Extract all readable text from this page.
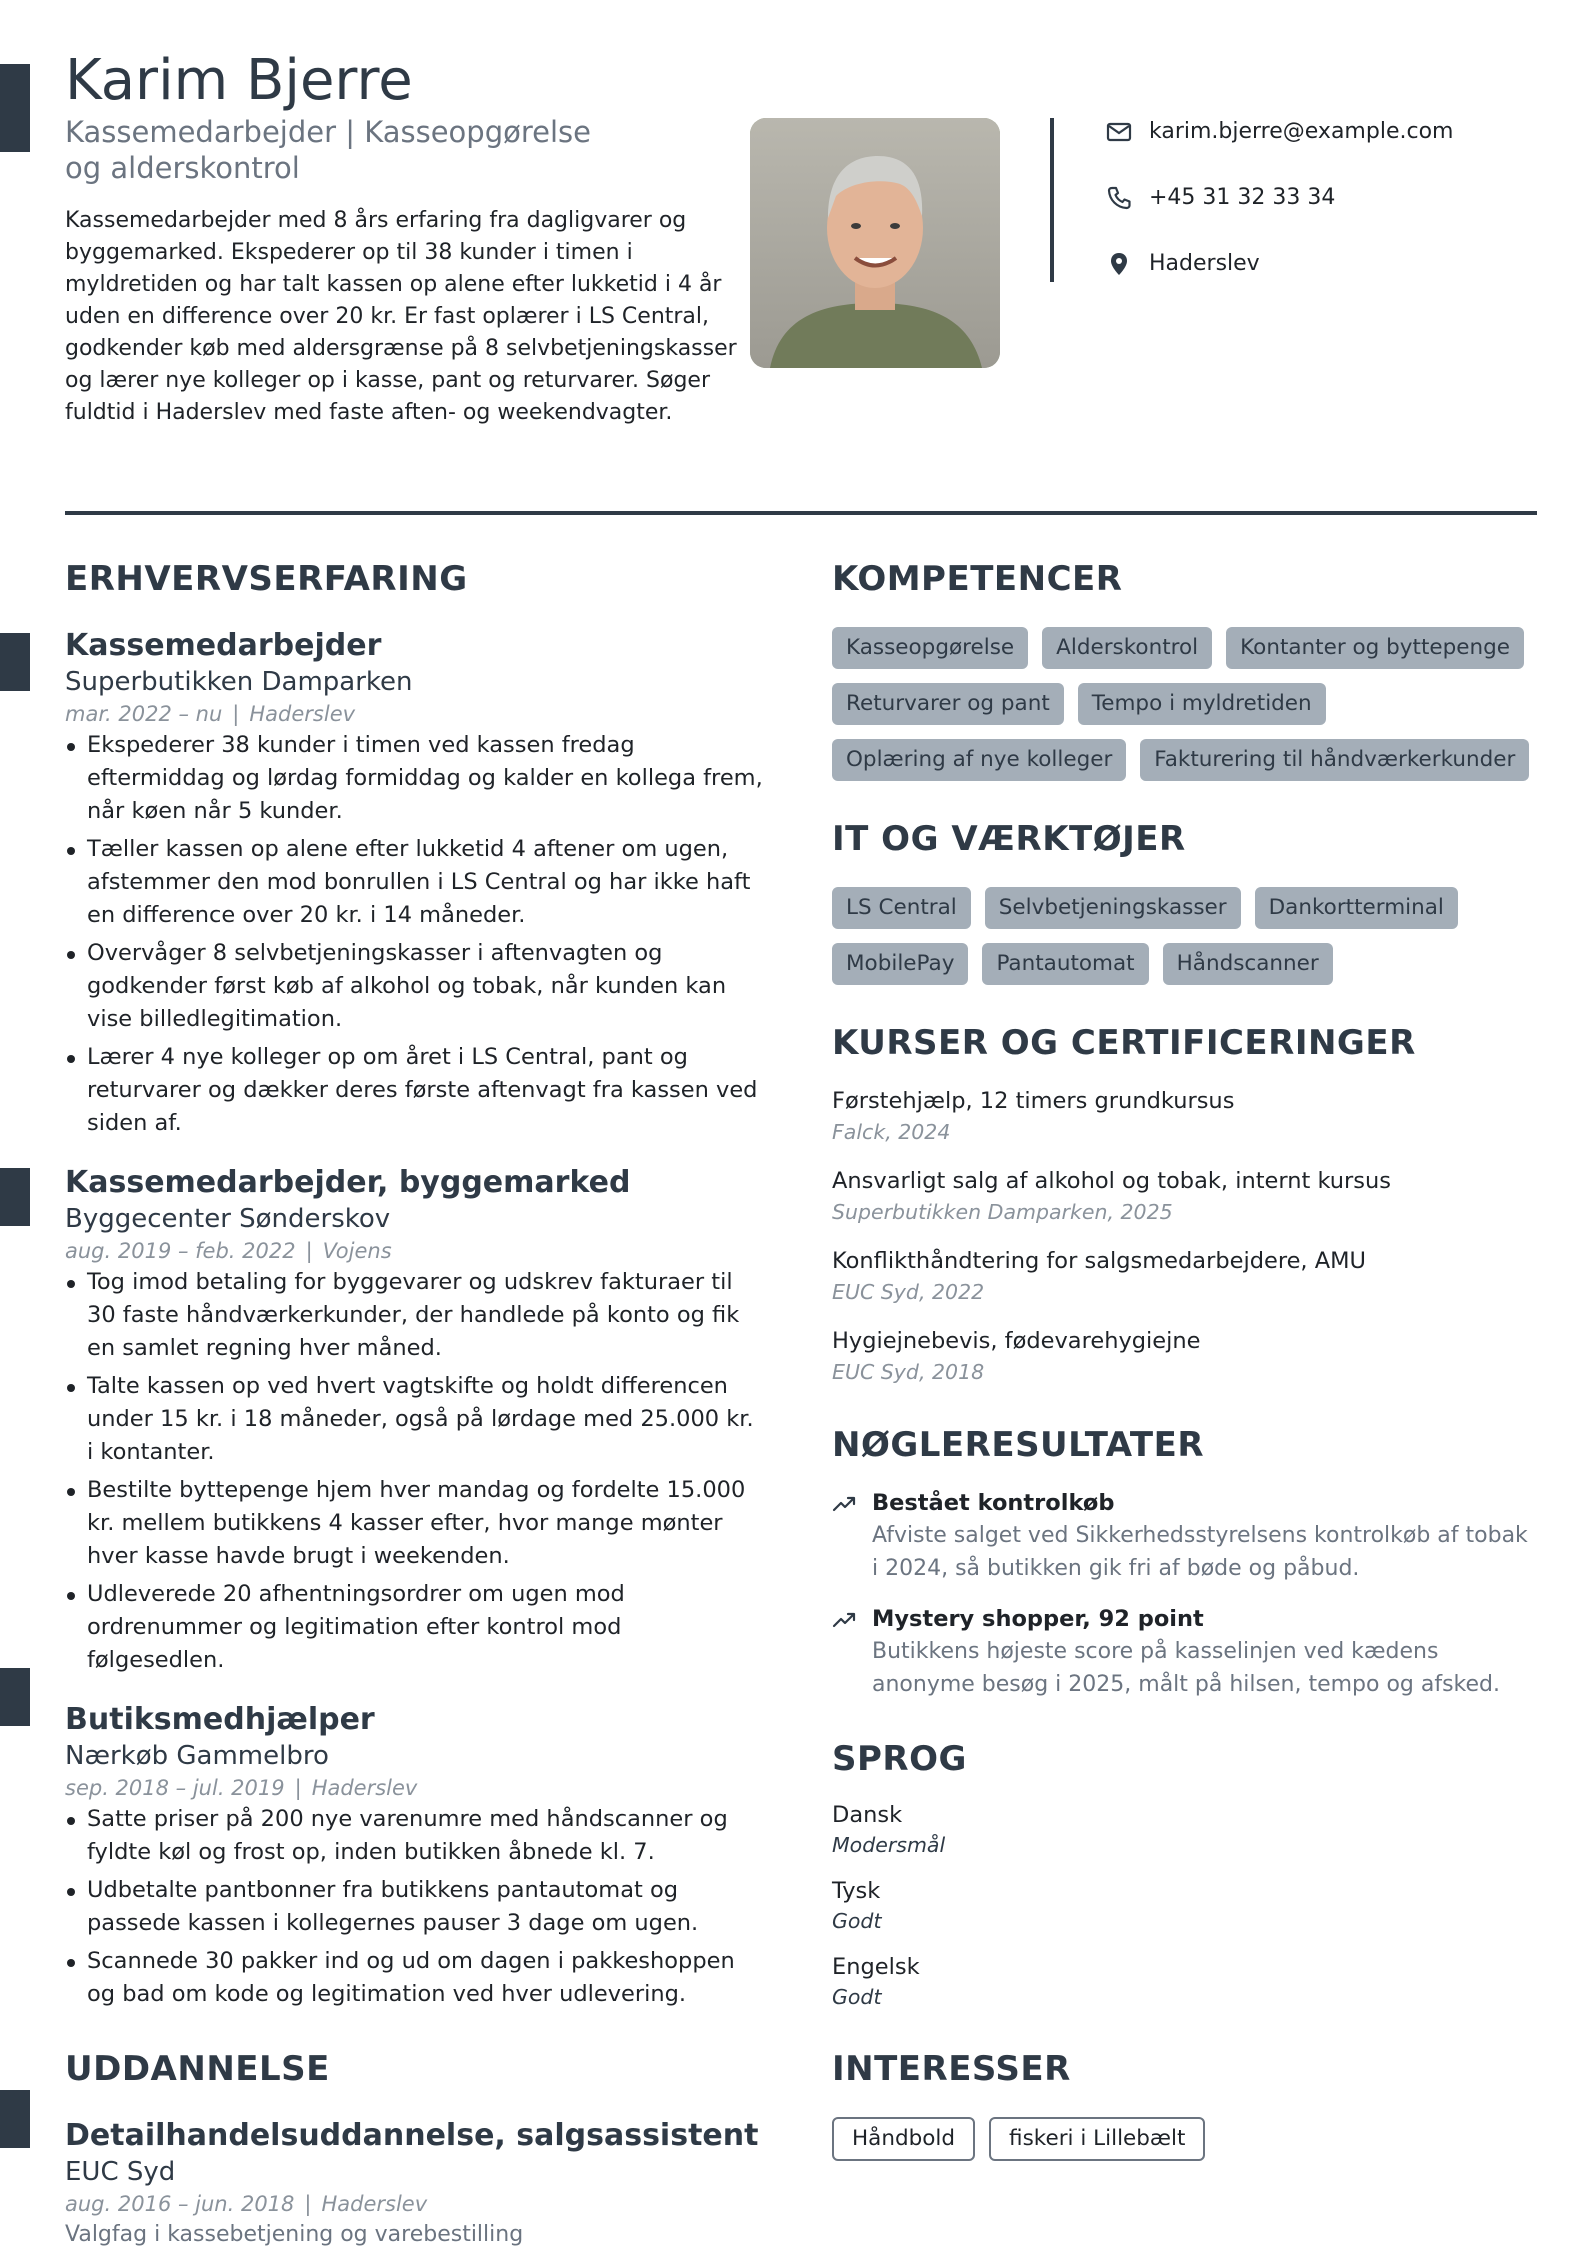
Karim Bjerre
Kassemedarbejder | Kasseopgørelse og alderskontrol
Kassemedarbejder med 8 års erfaring fra dagligvarer og byggemarked. Ekspederer op til 38 kunder i timen i myldretiden og har talt kassen op alene efter lukketid i 4 år uden en difference over 20 kr. Er fast oplærer i LS Central, godkender køb med aldersgrænse på 8 selvbetjeningskasser og lærer nye kolleger op i kasse, pant og returvarer. Søger fuldtid i Haderslev med faste aften- og weekendvagter.
karim.bjerre@example.com
+45 31 32 33 34
Haderslev
ERHVERVSERFARING
Kassemedarbejder
Superbutikken Damparken
mar. 2022 – nu | Haderslev
Ekspederer 38 kunder i timen ved kassen fredag eftermiddag og lørdag formiddag og kalder en kollega frem, når køen når 5 kunder.
Tæller kassen op alene efter lukketid 4 aftener om ugen, afstemmer den mod bonrullen i LS Central og har ikke haft en difference over 20 kr. i 14 måneder.
Overvåger 8 selvbetjeningskasser i aftenvagten og godkender først køb af alkohol og tobak, når kunden kan vise billedlegitimation.
Lærer 4 nye kolleger op om året i LS Central, pant og returvarer og dækker deres første aftenvagt fra kassen ved siden af.
Kassemedarbejder, byggemarked
Byggecenter Sønderskov
aug. 2019 – feb. 2022 | Vojens
Tog imod betaling for byggevarer og udskrev fakturaer til 30 faste håndværkerkunder, der handlede på konto og fik en samlet regning hver måned.
Talte kassen op ved hvert vagtskifte og holdt differencen under 15 kr. i 18 måneder, også på lørdage med 25.000 kr. i kontanter.
Bestilte byttepenge hjem hver mandag og fordelte 15.000 kr. mellem butikkens 4 kasser efter, hvor mange mønter hver kasse havde brugt i weekenden.
Udleverede 20 afhentningsordrer om ugen mod ordrenummer og legitimation efter kontrol mod følgesedlen.
Butiksmedhjælper
Nærkøb Gammelbro
sep. 2018 – jul. 2019 | Haderslev
Satte priser på 200 nye varenumre med håndscanner og fyldte køl og frost op, inden butikken åbnede kl. 7.
Udbetalte pantbonner fra butikkens pantautomat og passede kassen i kollegernes pauser 3 dage om ugen.
Scannede 30 pakker ind og ud om dagen i pakkeshoppen og bad om kode og legitimation ved hver udlevering.
UDDANNELSE
Detailhandelsuddannelse, salgsassistent
EUC Syd
aug. 2016 – jun. 2018 | Haderslev
Valgfag i kassebetjening og varebestilling
KOMPETENCER
Kasseopgørelse	Alderskontrol	Kontanter og byttepenge
Returvarer og pant	Tempo i myldretiden
Oplæring af nye kolleger	Fakturering til håndværkerkunder
IT OG VÆRKTØJER
LS Central	Selvbetjeningskasser	Dankortterminal
MobilePay	Pantautomat	Håndscanner
KURSER OG CERTIFICERINGER
Førstehjælp, 12 timers grundkursus
Falck, 2024
Ansvarligt salg af alkohol og tobak, internt kursus
Superbutikken Damparken, 2025
Konflikthåndtering for salgsmedarbejdere, AMU
EUC Syd, 2022
Hygiejnebevis, fødevarehygiejne
EUC Syd, 2018
NØGLERESULTATER
Bestået kontrolkøb
Afviste salget ved Sikkerhedsstyrelsens kontrolkøb af tobak i 2024, så butikken gik fri af bøde og påbud.
Mystery shopper, 92 point
Butikkens højeste score på kasselinjen ved kædens anonyme besøg i 2025, målt på hilsen, tempo og afsked.
SPROG
Dansk
Modersmål
Tysk
Godt
Engelsk
Godt
INTERESSER
Håndbold	fiskeri i Lillebælt
